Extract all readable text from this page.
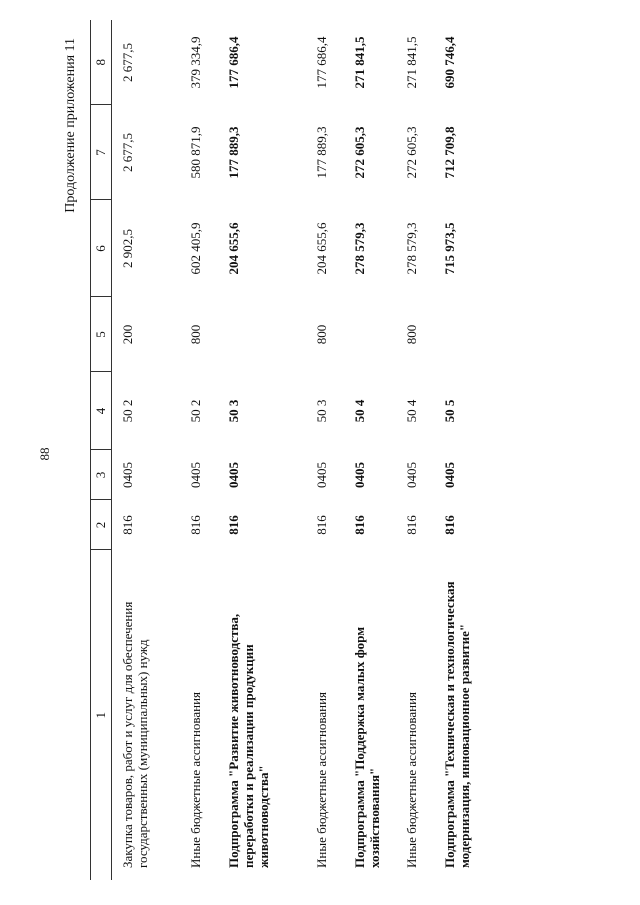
88
Продолжение приложения 11
1	2	3	4	5	6	7	8
Закупка товаров, работ и услуг для обеспечения государственных (муниципальных) нужд	816	0405	50 2	200	2 902,5	2 677,5	2 677,5
Иные бюджетные ассигнования	816	0405	50 2	800	602 405,9	580 871,9	379 334,9
Подпрограмма "Развитие животноводства, переработки и реализации продукции животноводства"	816	0405	50 3		204 655,6	177 889,3	177 686,4
Иные бюджетные ассигнования	816	0405	50 3	800	204 655,6	177 889,3	177 686,4
Подпрограмма "Поддержка малых форм хозяйствования"	816	0405	50 4		278 579,3	272 605,3	271 841,5
Иные бюджетные ассигнования	816	0405	50 4	800	278 579,3	272 605,3	271 841,5
Подпрограмма "Техническая и технологическая модернизация, инновационное развитие"	816	0405	50 5		715 973,5	712 709,8	690 746,4
